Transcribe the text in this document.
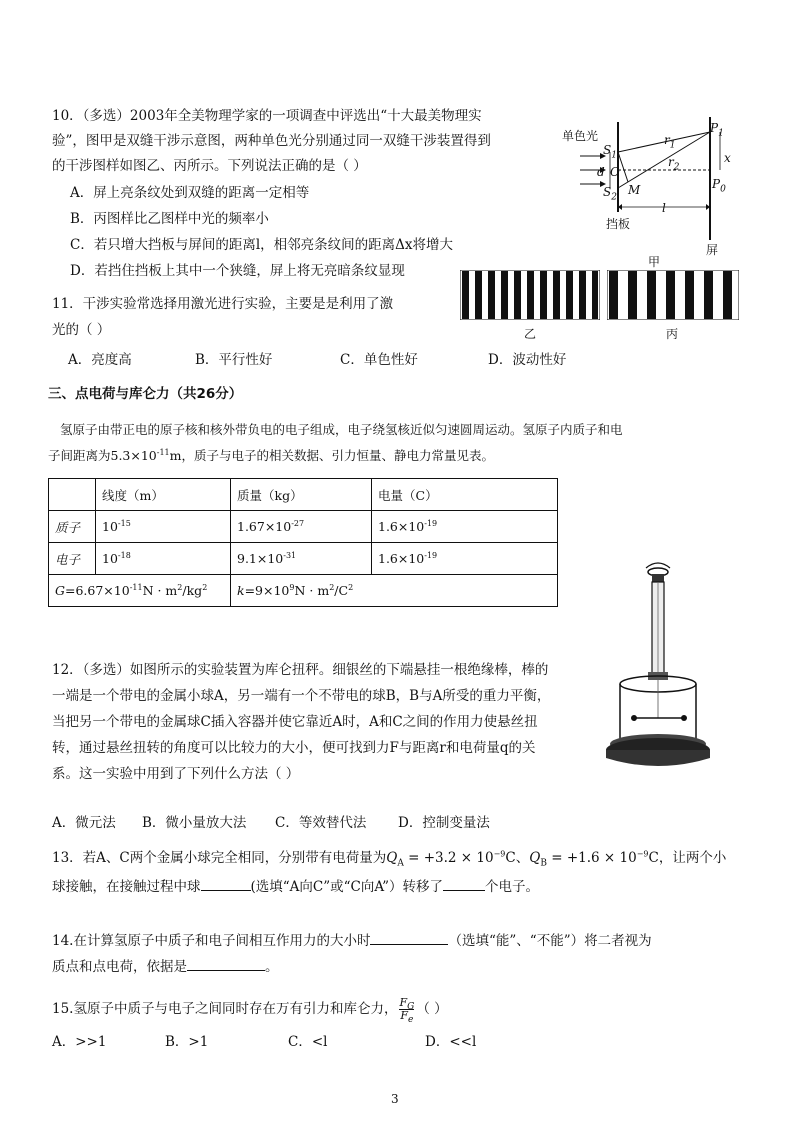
10．（多选）2003年全美物理学家的一项调查中评选出“十大最美物理实
验”，图甲是双缝干涉示意图，两种单色光分别通过同一双缝干涉装置得到
的干涉图样如图乙、丙所示。下列说法正确的是（ ）
A．屏上亮条纹处到双缝的距离一定相等
B．丙图样比乙图样中光的频率小
C．若只增大挡板与屏间的距离l，相邻亮条纹间的距离Δx将增大
D．若挡住挡板上其中一个狭缝，屏上将无亮暗条纹显现
单色光
$S_1$
d O
$S_2$
M
$r_1$
$r_2$
$P_1$
x
$P_0$
l
挡板
屏
甲
乙	丙
11．干涉实验常选择用激光进行实验，主要是是利用了激
光的（ ）
A．亮度高	B．平行性好	C．单色性好	D．波动性好
三、点电荷与库仑力（共26分）
氢原子由带正电的原子核和核外带负电的电子组成，电子绕氢核近似匀速圆周运动。氢原子内质子和电
子间距离为$5.3\times 10^{-11}m$，质子与电子的相关数据、引力恒量、静电力常量见表。
	线度（m）	质量（kg）	电量（C）
质子	$10^{-15}$	$1.67\times 10^{-27}$	$1.6\times 10^{-19}$
电子	$10^{-18}$	$9.1\times 10^{-31}$	$1.6\times 10^{-19}$
$G=6.67\times 10^{-11}N \cdot m^2/kg^2$		$k=9\times 10^9N \cdot m^2/C^2$
12．（多选）如图所示的实验装置为库仑扭秤。细银丝的下端悬挂一根绝缘棒，棒的
一端是一个带电的金属小球A，另一端有一个不带电的球B，B与A所受的重力平衡，
当把另一个带电的金属球C插入容器并使它靠近A时，A和C之间的作用力使悬丝扭
转，通过悬丝扭转的角度可以比较力的大小，便可找到力F与距离r和电荷量q的关
系。这一实验中用到了下列什么方法（ ）
A．微元法 B．微小量放大法 C．等效替代法 D．控制变量法
13．若A、C两个金属小球完全相同，分别带有电荷量为$Q_A = +3.2 \times 10^{-9}C$、$Q_B = +1.6 \times 10^{-9}C$，让两个小
球接触，在接触过程中球	(选填“A向C”或“C向A”）转移了	个电子。
14.在计算氢原子中质子和电子间相互作用力的大小时	（选填“能”、“不能”）将二者视为
质点和点电荷，依据是	。
15.氢原子中质子与电子之间同时存在万有引力和库仑力， $\frac{F_G}{F_e}$ （ ）
A．>>1	B．>1	C．<l	D．<<l
3
